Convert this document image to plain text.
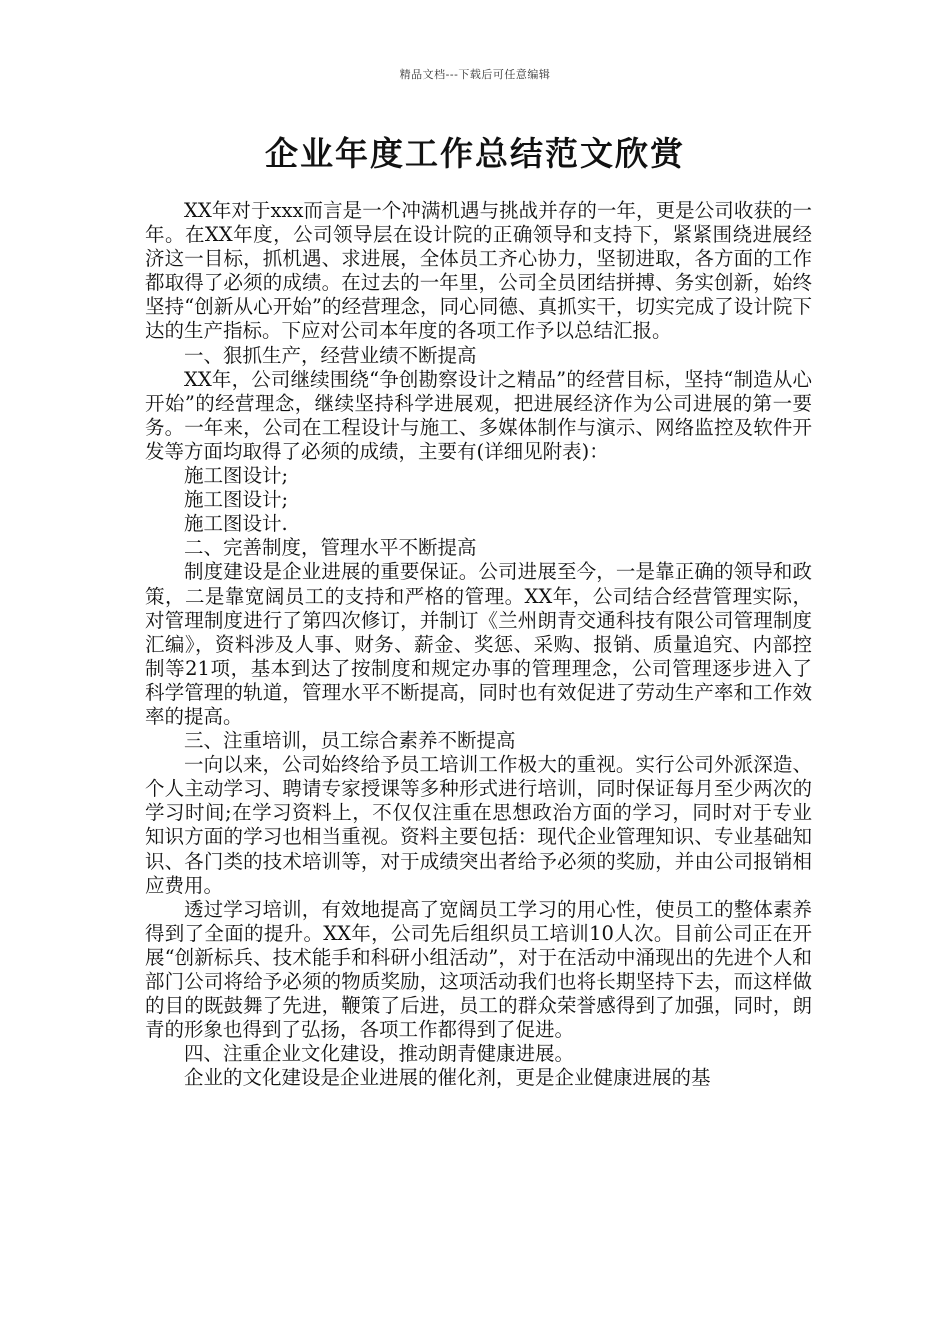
精品文档---下载后可任意编辑
企业年度工作总结范文欣赏

XX年对于xxx而言是一个冲满机遇与挑战并存的一年，更是公司收获的一年。在XX年度，公司领导层在设计院的正确领导和支持下，紧紧围绕进展经济这一目标，抓机遇、求进展，全体员工齐心协力，坚韧进取，各方面的工作都取得了必须的成绩。在过去的一年里，公司全员团结拼搏、务实创新，始终坚持“创新从心开始”的经营理念，同心同德、真抓实干，切实完成了设计院下达的生产指标。下应对公司本年度的各项工作予以总结汇报。

一、狠抓生产，经营业绩不断提高

XX年，公司继续围绕“争创勘察设计之精品”的经营目标，坚持“制造从心开始”的经营理念，继续坚持科学进展观，把进展经济作为公司进展的第一要务。一年来，公司在工程设计与施工、多媒体制作与演示、网络监控及软件开发等方面均取得了必须的成绩，主要有(详细见附表)：

施工图设计;

施工图设计;

施工图设计.

二、完善制度，管理水平不断提高

制度建设是企业进展的重要保证。公司进展至今，一是靠正确的领导和政策，二是靠宽阔员工的支持和严格的管理。XX年，公司结合经营管理实际，对管理制度进行了第四次修订，并制订《兰州朗青交通科技有限公司管理制度汇编》，资料涉及人事、财务、薪金、奖惩、采购、报销、质量追究、内部控制等21项，基本到达了按制度和规定办事的管理理念，公司管理逐步进入了科学管理的轨道，管理水平不断提高，同时也有效促进了劳动生产率和工作效率的提高。

三、注重培训，员工综合素养不断提高

一向以来，公司始终给予员工培训工作极大的重视。实行公司外派深造、个人主动学习、聘请专家授课等多种形式进行培训，同时保证每月至少两次的学习时间;在学习资料上，不仅仅注重在思想政治方面的学习，同时对于专业知识方面的学习也相当重视。资料主要包括：现代企业管理知识、专业基础知识、各门类的技术培训等，对于成绩突出者给予必须的奖励，并由公司报销相应费用。

透过学习培训，有效地提高了宽阔员工学习的用心性，使员工的整体素养得到了全面的提升。XX年，公司先后组织员工培训10人次。目前公司正在开展“创新标兵、技术能手和科研小组活动”，对于在活动中涌现出的先进个人和部门公司将给予必须的物质奖励，这项活动我们也将长期坚持下去，而这样做的目的既鼓舞了先进，鞭策了后进，员工的群众荣誉感得到了加强，同时，朗青的形象也得到了弘扬，各项工作都得到了促进。

四、注重企业文化建设，推动朗青健康进展。

企业的文化建设是企业进展的催化剂，更是企业健康进展的基
